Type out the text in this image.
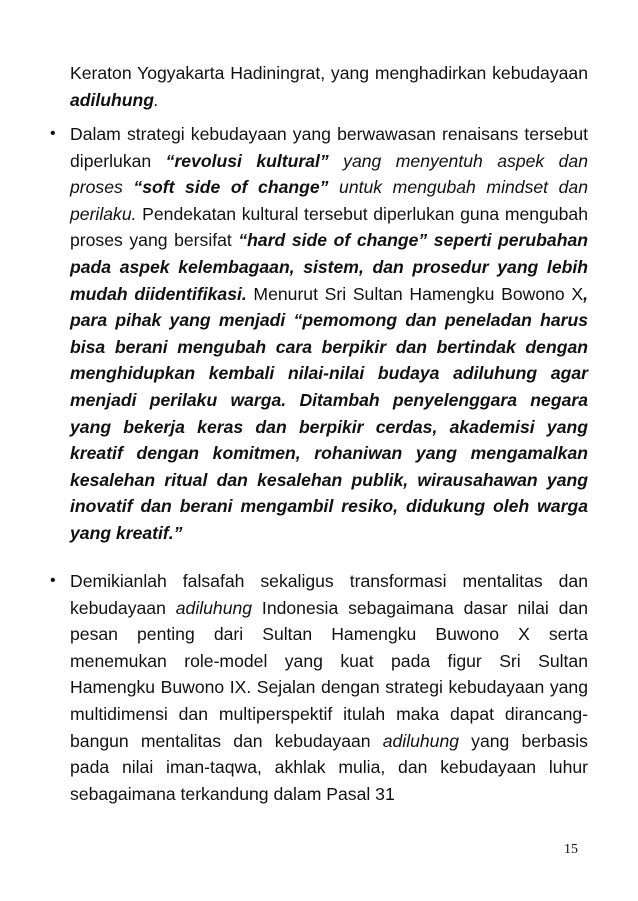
Keraton Yogyakarta Hadiningrat, yang menghadirkan kebudayaan adiluhung.

• Dalam strategi kebudayaan yang berwawasan renaisans tersebut diperlukan “revolusi kultural” yang menyentuh aspek dan proses “soft side of change” untuk mengubah mindset dan perilaku. Pendekatan kultural tersebut diperlukan guna mengubah proses yang bersifat “hard side of change” seperti perubahan pada aspek kelembagaan, sistem, dan prosedur yang lebih mudah diidentifikasi. Menurut Sri Sultan Hamengku Bowono X, para pihak yang menjadi “pemomong dan peneladan harus bisa berani mengubah cara berpikir dan bertindak dengan menghidupkan kembali nilai-nilai budaya adiluhung agar menjadi perilaku warga. Ditambah penyelenggara negara yang bekerja keras dan berpikir cerdas, akademisi yang kreatif dengan komitmen, rohaniwan yang mengamalkan kesalehan ritual dan kesalehan publik, wirausahawan yang inovatif dan berani mengambil resiko, didukung oleh warga yang kreatif.”

• Demikianlah falsafah sekaligus transformasi mentalitas dan kebudayaan adiluhung Indonesia sebagaimana dasar nilai dan pesan penting dari Sultan Hamengku Buwono X serta menemukan role-model yang kuat pada figur Sri Sultan Hamengku Buwono IX. Sejalan dengan strategi kebudayaan yang multidimensi dan multiperspektif itulah maka dapat dirancang-bangun mentalitas dan kebudayaan adiluhung yang berbasis pada nilai iman-taqwa, akhlak mulia, dan kebudayaan luhur sebagaimana terkandung dalam Pasal 31

15
